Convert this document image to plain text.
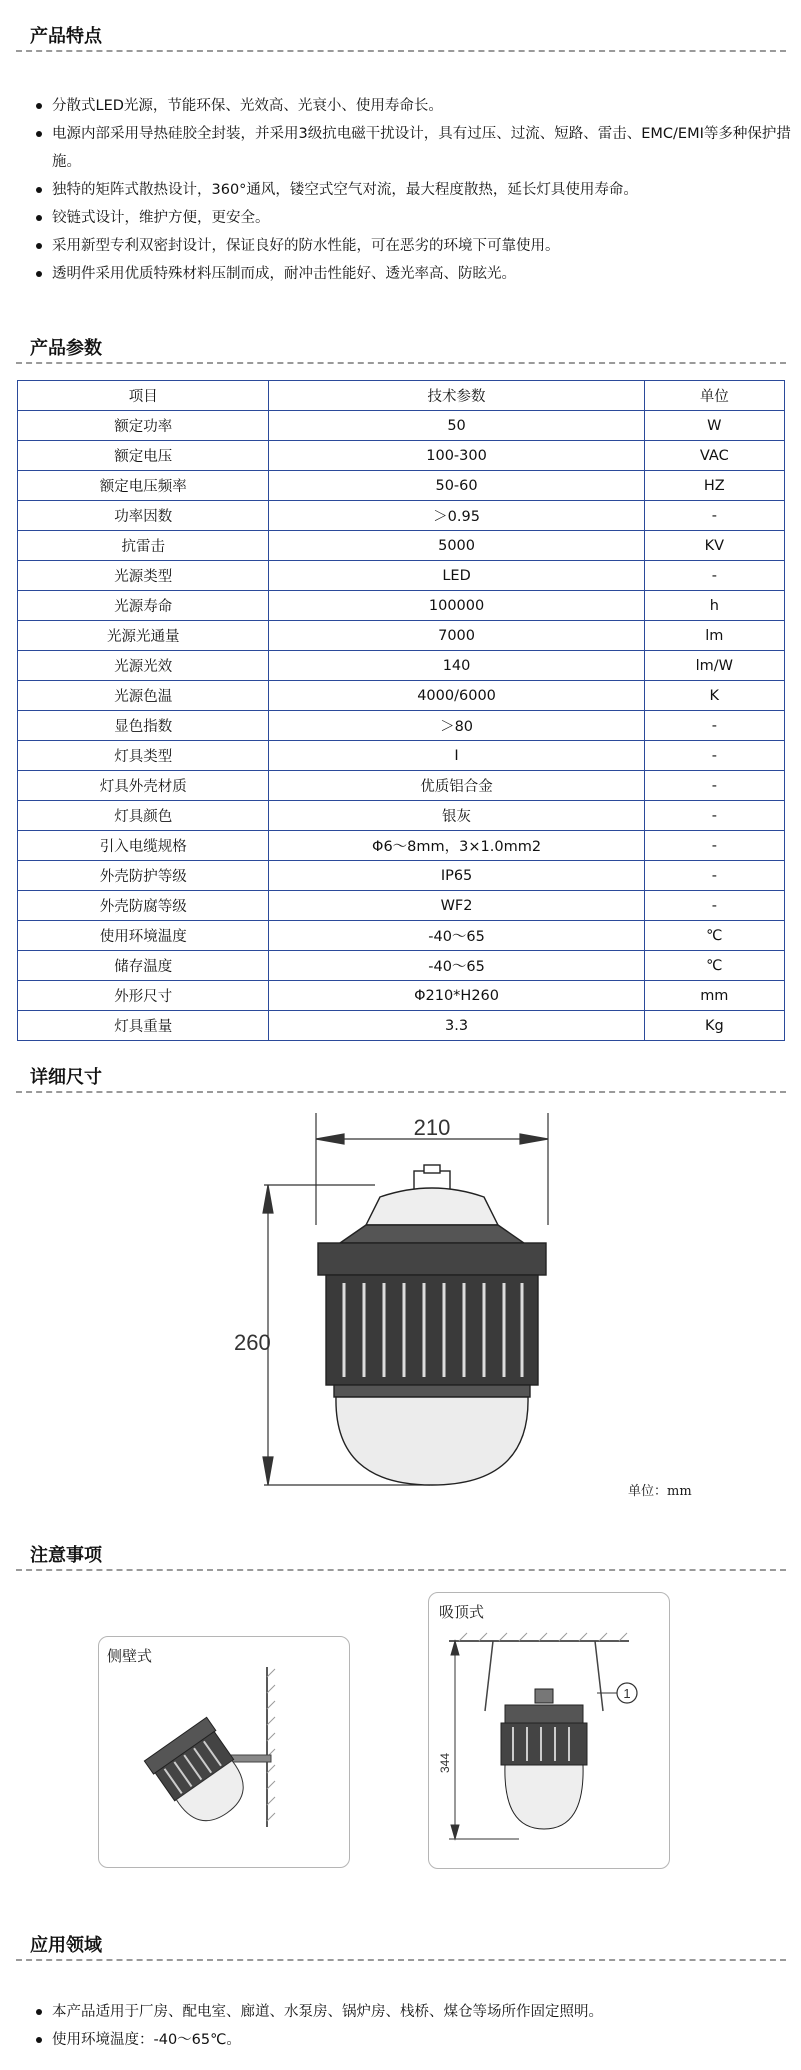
产品特点
分散式LED光源，节能环保、光效高、光衰小、使用寿命长。
电源内部采用导热硅胶全封装，并采用3级抗电磁干扰设计，具有过压、过流、短路、雷击、EMC/EMI等多种保护措施。
独特的矩阵式散热设计，360°通风，镂空式空气对流，最大程度散热，延长灯具使用寿命。
铰链式设计，维护方便，更安全。
采用新型专利双密封设计，保证良好的防水性能，可在恶劣的环境下可靠使用。
透明件采用优质特殊材料压制而成，耐冲击性能好、透光率高、防眩光。
产品参数
项目	技术参数	单位
额定功率	50	W
额定电压	100-300	VAC
额定电压频率	50-60	HZ
功率因数	＞0.95	-
抗雷击	5000	KV
光源类型	LED	-
光源寿命	100000	h
光源光通量	7000	lm
光源光效	140	lm/W
光源色温	4000/6000	K
显色指数	＞80	-
灯具类型	I	-
灯具外壳材质	优质铝合金	-
灯具颜色	银灰	-
引入电缆规格	Φ6～8mm，3×1.0mm2	-
外壳防护等级	IP65	-
外壳防腐等级	WF2	-
使用环境温度	-40～65	℃
储存温度	-40～65	℃
外形尺寸	Φ210*H260	mm
灯具重量	3.3	Kg
详细尺寸
210
260
单位：mm
注意事项
侧壁式
吸顶式
344
1
应用领域
本产品适用于厂房、配电室、廊道、水泵房、锅炉房、栈桥、煤仓等场所作固定照明。
使用环境温度：-40～65℃。
